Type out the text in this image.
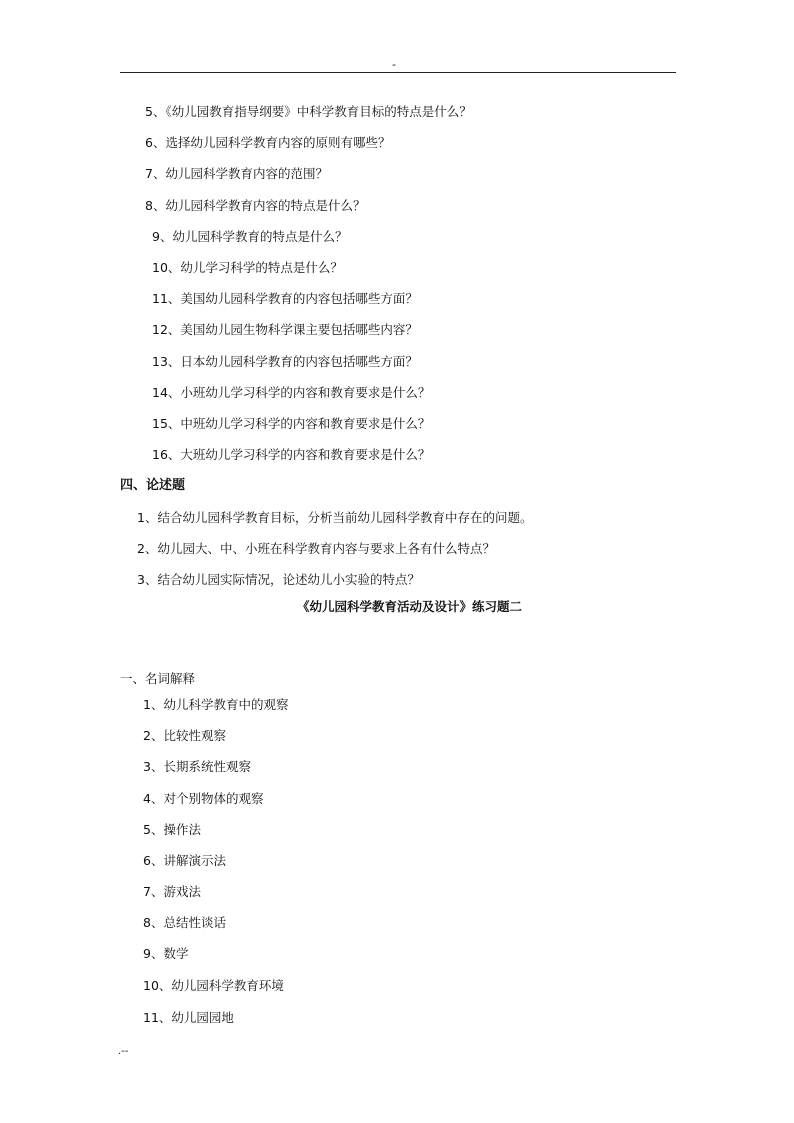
-
5、《幼儿园教育指导纲要》中科学教育目标的特点是什么？
6、选择幼儿园科学教育内容的原则有哪些？
7、幼儿园科学教育内容的范围？
8、幼儿园科学教育内容的特点是什么？
9、幼儿园科学教育的特点是什么？
10、幼儿学习科学的特点是什么？
11、美国幼儿园科学教育的内容包括哪些方面？
12、美国幼儿园生物科学课主要包括哪些内容？
13、日本幼儿园科学教育的内容包括哪些方面？
14、小班幼儿学习科学的内容和教育要求是什么？
15、中班幼儿学习科学的内容和教育要求是什么？
16、大班幼儿学习科学的内容和教育要求是什么？
四、论述题
1、结合幼儿园科学教育目标，分析当前幼儿园科学教育中存在的问题。
2、幼儿园大、中、小班在科学教育内容与要求上各有什么特点？
3、结合幼儿园实际情况，论述幼儿小实验的特点？
《幼儿园科学教育活动及设计》练习题二
一、名词解释
1、幼儿科学教育中的观察
2、比较性观察
3、长期系统性观察
4、对个别物体的观察
5、操作法
6、讲解演示法
7、游戏法
8、总结性谈话
9、数学
10、幼儿园科学教育环境
11、幼儿园园地
.--
